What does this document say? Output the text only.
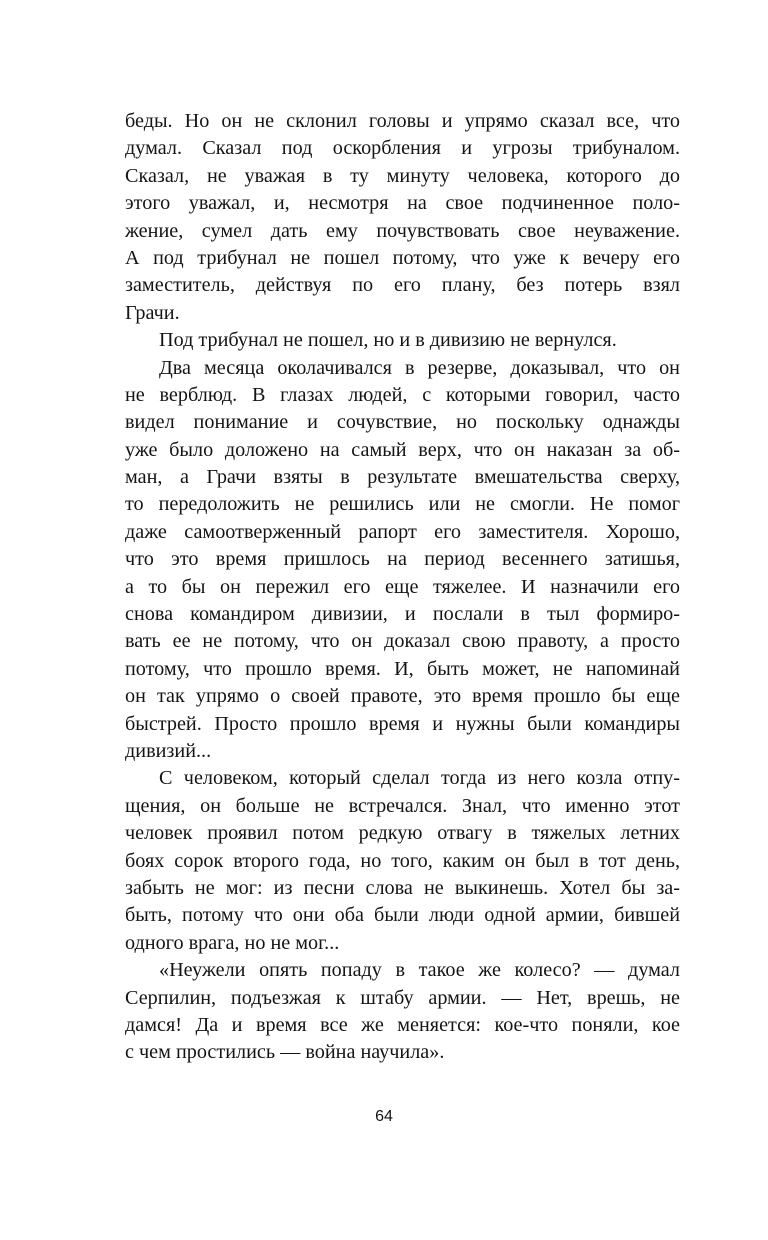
беды. Но он не склонил головы и упрямо сказал все, что
думал. Сказал под оскорбления и угрозы трибуналом.
Сказал, не уважая в ту минуту человека, которого до
этого уважал, и, несмотря на свое подчиненное поло-
жение, сумел дать ему почувствовать свое неуважение.
А под трибунал не пошел потому, что уже к вечеру его
заместитель, действуя по его плану, без потерь взял
Грачи.
Под трибунал не пошел, но и в дивизию не вернулся.
Два месяца околачивался в резерве, доказывал, что он
не верблюд. В глазах людей, с которыми говорил, часто
видел понимание и сочувствие, но поскольку однажды
уже было доложено на самый верх, что он наказан за об-
ман, а Грачи взяты в результате вмешательства сверху,
то передоложить не решились или не смогли. Не помог
даже самоотверженный рапорт его заместителя. Хорошо,
что это время пришлось на период весеннего затишья,
а то бы он пережил его еще тяжелее. И назначили его
снова командиром дивизии, и послали в тыл формиро-
вать ее не потому, что он доказал свою правоту, а просто
потому, что прошло время. И, быть может, не напоминай
он так упрямо о своей правоте, это время прошло бы еще
быстрей. Просто прошло время и нужны были командиры
дивизий...
С человеком, который сделал тогда из него козла отпу-
щения, он больше не встречался. Знал, что именно этот
человек проявил потом редкую отвагу в тяжелых летних
боях сорок второго года, но того, каким он был в тот день,
забыть не мог: из песни слова не выкинешь. Хотел бы за-
быть, потому что они оба были люди одной армии, бившей
одного врага, но не мог...
«Неужели опять попаду в такое же колесо? — думал
Серпилин, подъезжая к штабу армии. — Нет, врешь, не
дамся! Да и время все же меняется: кое-что поняли, кое
с чем простились — война научила».
64
